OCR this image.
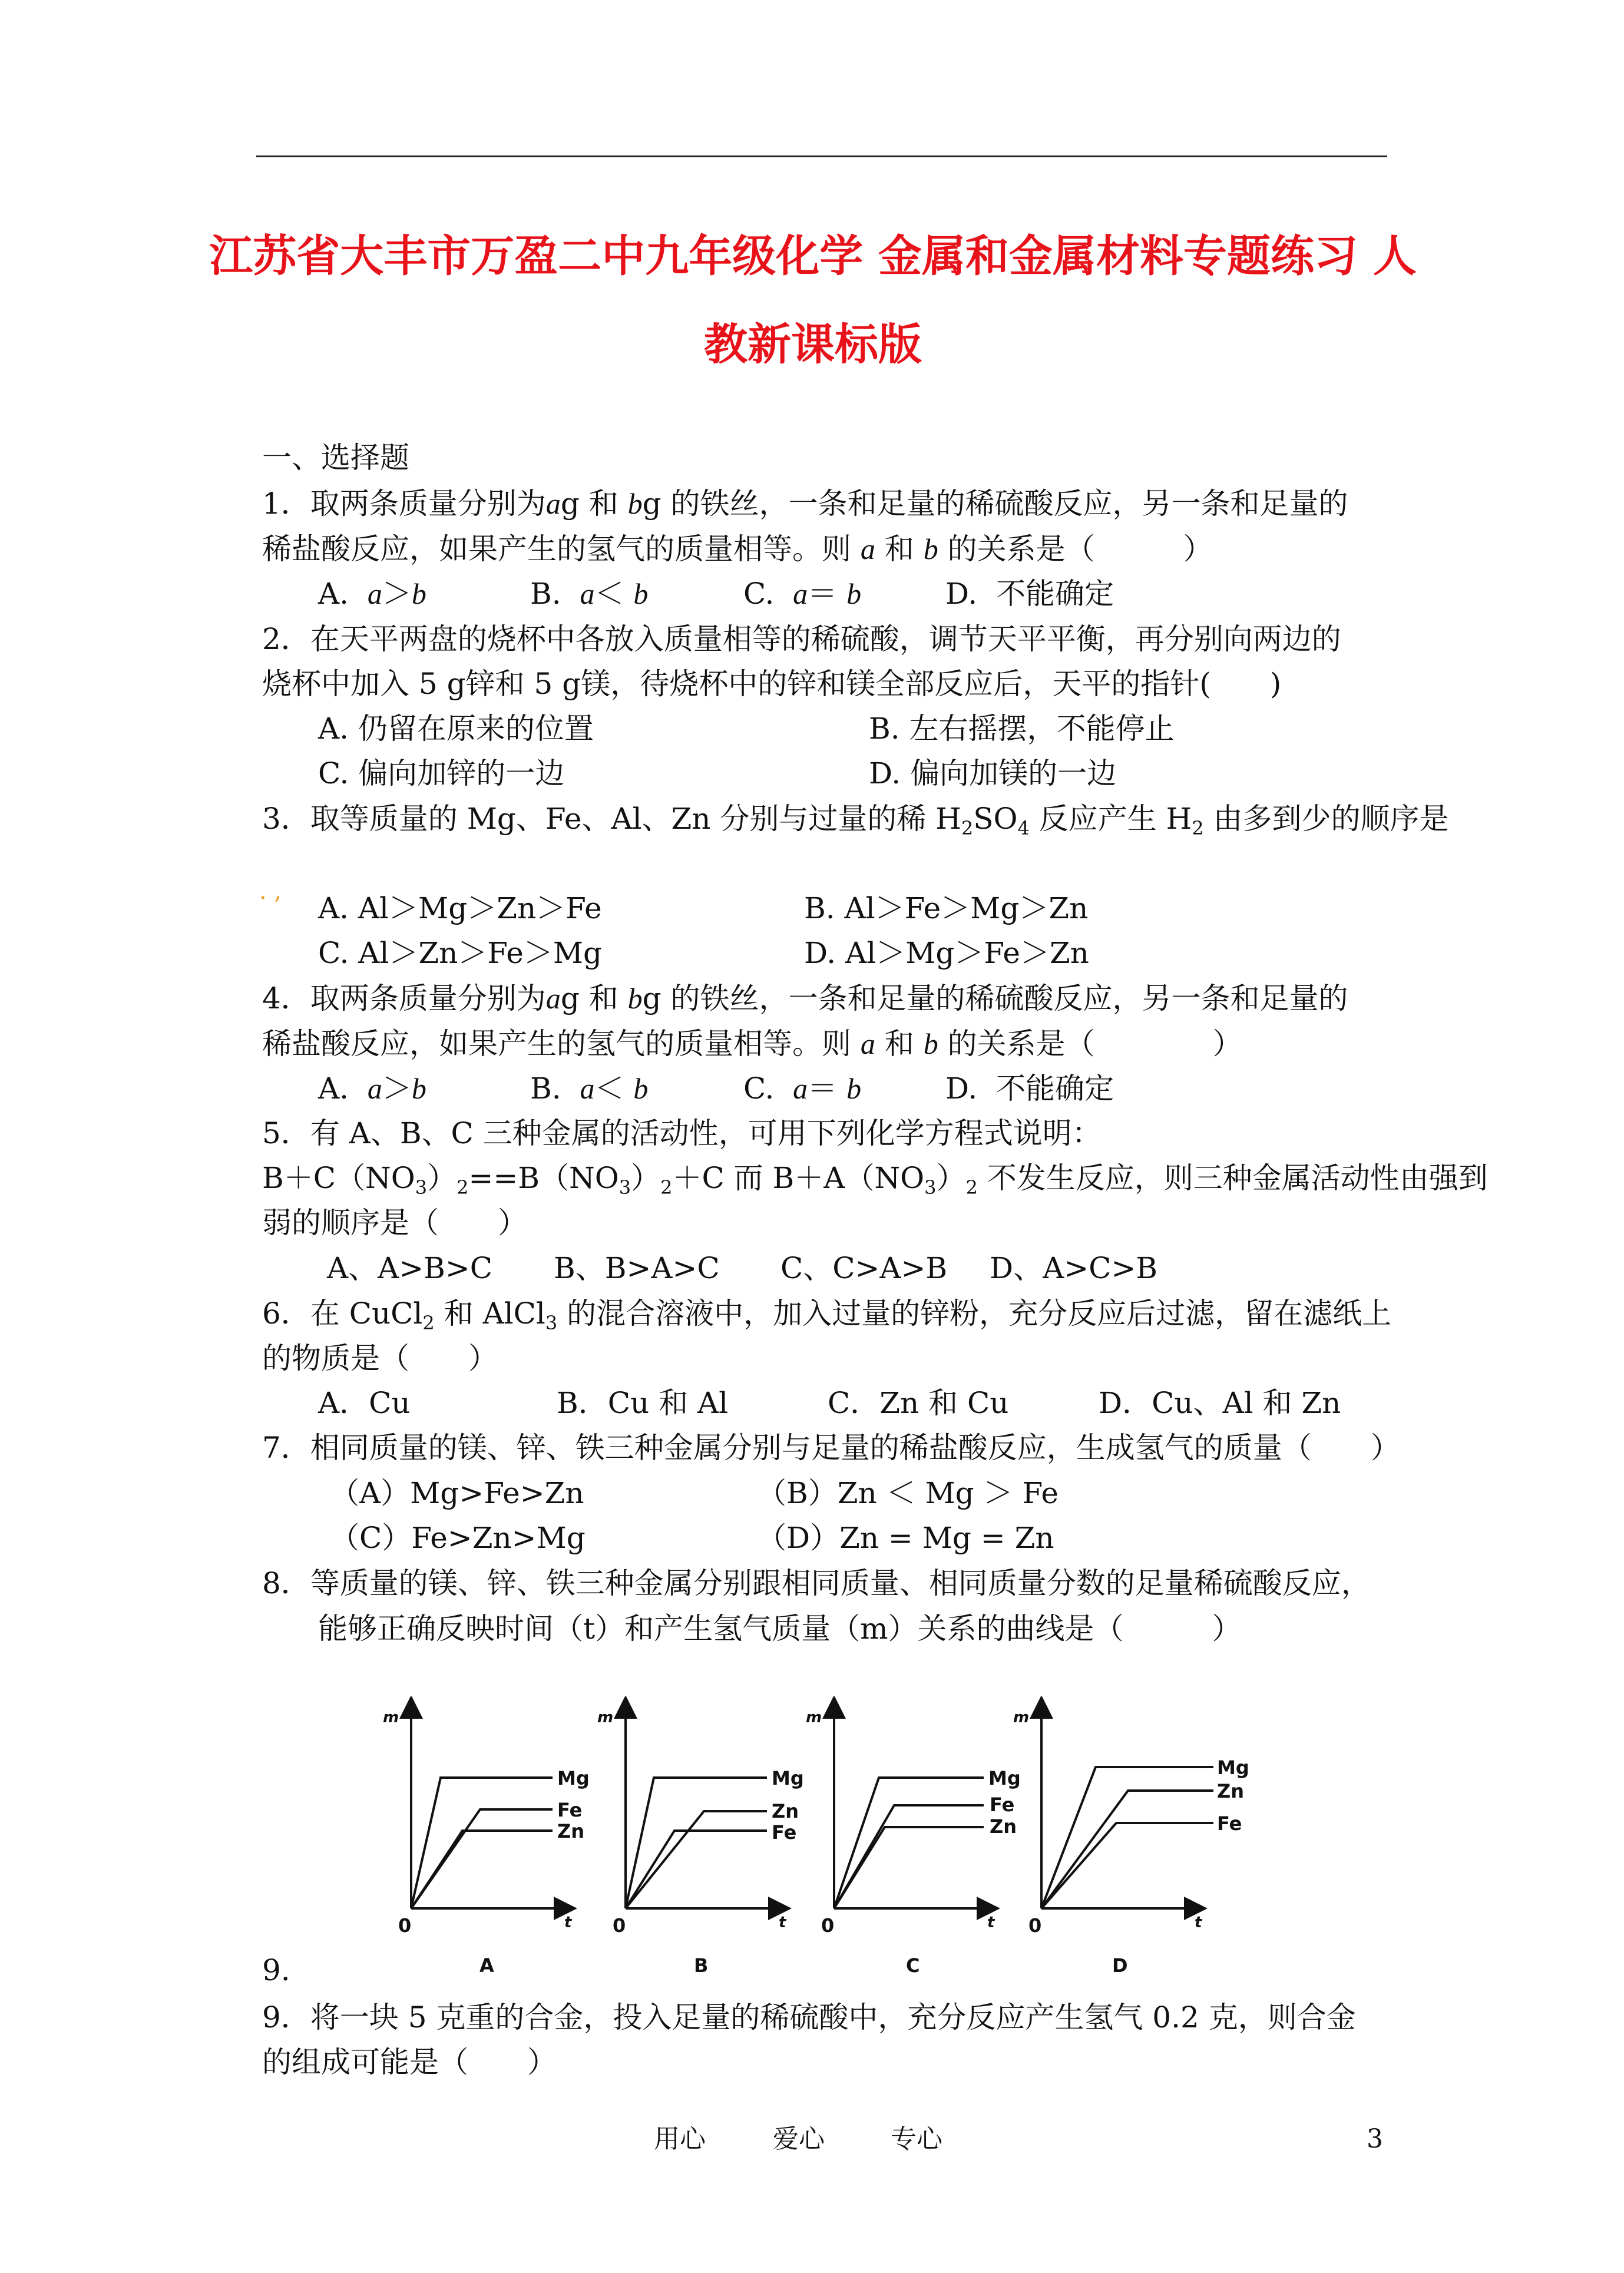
江苏省大丰市万盈二中九年级化学 金属和金属材料专题练习 人
教新课标版
一、选择题
1．取两条质量分别为ag 和 bg 的铁丝，一条和足量的稀硫酸反应，另一条和足量的
稀盐酸反应，如果产生的氢气的质量相等。则 a 和 b 的关系是（　　　）
A. a＞b	B. a＜ b	C. a＝ b	D. 不能确定
2．在天平两盘的烧杯中各放入质量相等的稀硫酸，调节天平平衡，再分别向两边的
烧杯中加入 5 g锌和 5 g镁，待烧杯中的锌和镁全部反应后，天平的指针(　　)
A. 仍留在原来的位置	B. 左右摇摆，不能停止
C. 偏向加锌的一边	D. 偏向加镁的一边
3．取等质量的 Mg、Fe、Al、Zn 分别与过量的稀 $H_2SO_4$ 反应产生 $H_2$ 由多到少的顺序是
. , A. Al＞Mg＞Zn＞Fe	B. Al＞Fe＞Mg＞Zn
C. Al＞Zn＞Fe＞Mg	D. Al＞Mg＞Fe＞Zn
4．取两条质量分别为ag 和 bg 的铁丝，一条和足量的稀硫酸反应，另一条和足量的
稀盐酸反应，如果产生的氢气的质量相等。则 a 和 b 的关系是（　　　　）
A. a＞b	B. a＜ b	C. a＝ b	D. 不能确定
5．有 A、B、C 三种金属的活动性，可用下列化学方程式说明：
$B+C(NO_3)_2==B(NO_3)_2+C$ 而 $B+A(NO_3)_2$ 不发生反应，则三种金属活动性由强到
弱的顺序是（　　）
A、A>B>C B、B>A>C C、C>A>B D、A>C>B
6．在 CuCl$_2$ 和 AlCl$_3$ 的混合溶液中，加入过量的锌粉，充分反应后过滤，留在滤纸上
的物质是（　　）
A．Cu	B．Cu 和 Al	C．Zn 和 Cu	D．Cu、Al 和 Zn
7．相同质量的镁、锌、铁三种金属分别与足量的稀盐酸反应，生成氢气的质量（　　）
（A）Mg>Fe>Zn	（B）Zn ＜ Mg ＞ Fe
（C）Fe>Zn>Mg	（D）Zn = Mg = Zn
8．等质量的镁、锌、铁三种金属分别跟相同质量、相同质量分数的足量稀硫酸反应，
能够正确反映时间（t）和产生氢气质量（m）关系的曲线是（　　　）
m
t
0
Mg
Fe
Zn
A
m
t
0
Mg
Zn
Fe
B
m
t
0
Mg
Fe
Zn
C
m
t
0
Mg
Zn
Fe
D
9.
9．将一块 5 克重的合金，投入足量的稀硫酸中，充分反应产生氢气 0.2 克，则合金
的组成可能是（　　）
用心	爱心	专心	3
